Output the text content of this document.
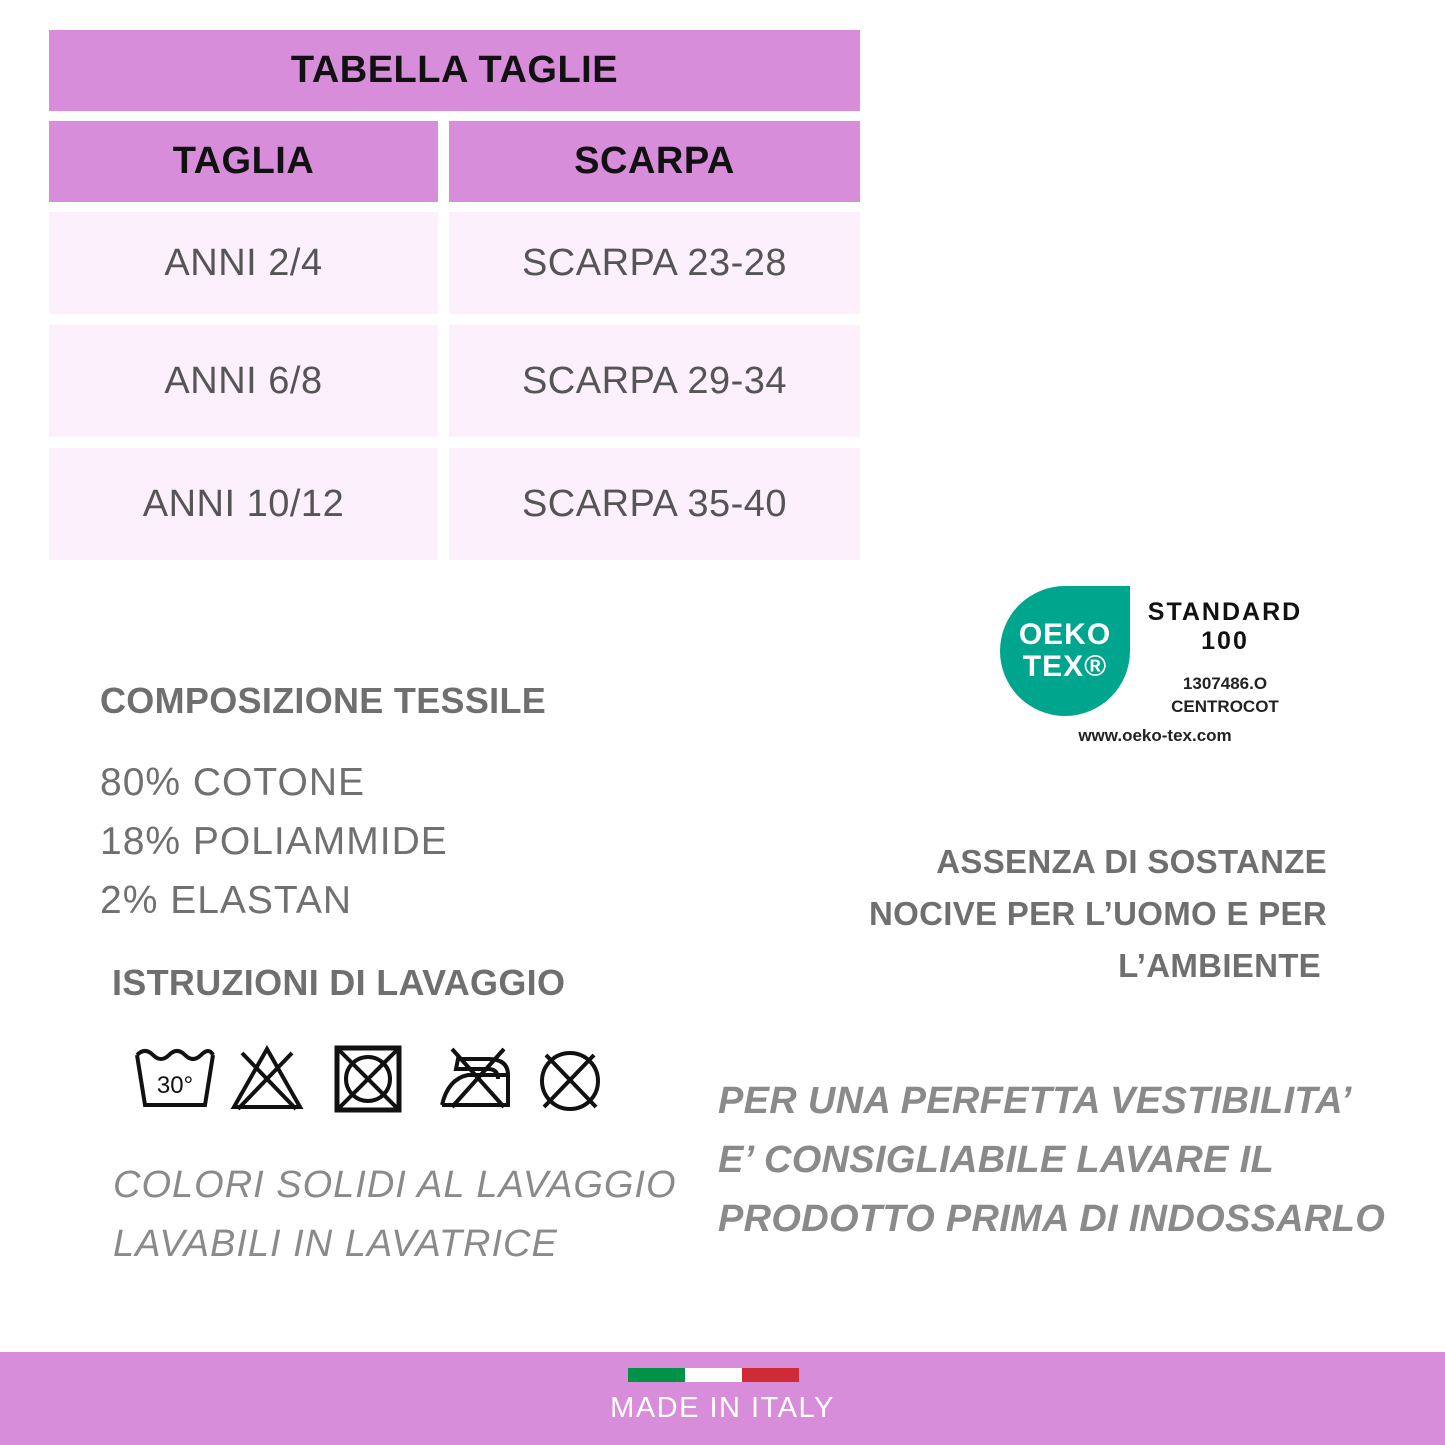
TABELLA TAGLIE
TAGLIA	SCARPA
ANNI 2/4	SCARPA 23-28
ANNI 6/8	SCARPA 29-34
ANNI 10/12	SCARPA 35-40
COMPOSIZIONE TESSILE
80% COTONE
18% POLIAMMIDE
2% ELASTAN
ISTRUZIONI DI LAVAGGIO
30°
COLORI SOLIDI AL LAVAGGIO
LAVABILI IN LAVATRICE
OEKO
TEX®
STANDARD
100
1307486.O
CENTROCOT
www.oeko-tex.com
ASSENZA DI SOSTANZE
NOCIVE PER L’UOMO E PER
L’AMBIENTE
PER UNA PERFETTA VESTIBILITA’
E’ CONSIGLIABILE LAVARE IL
PRODOTTO PRIMA DI INDOSSARLO
MADE IN ITALY
